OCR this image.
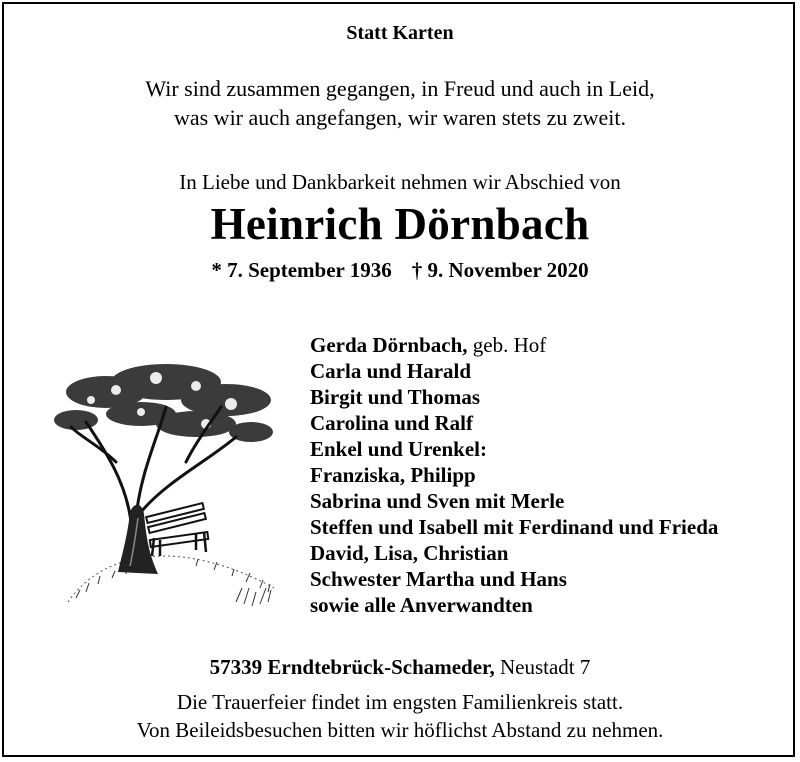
Statt Karten
Wir sind zusammen gegangen, in Freud und auch in Leid,
was wir auch angefangen, wir waren stets zu zweit.
In Liebe und Dankbarkeit nehmen wir Abschied von
Heinrich Dörnbach
* 7. September 1936 † 9. November 2020
Gerda Dörnbach, geb. Hof
Carla und Harald
Birgit und Thomas
Carolina und Ralf
Enkel und Urenkel:
Franziska, Philipp
Sabrina und Sven mit Merle
Steffen und Isabell mit Ferdinand und Frieda
David, Lisa, Christian
Schwester Martha und Hans
sowie alle Anverwandten
57339 Erndtebrück-Schameder, Neustadt 7
Die Trauerfeier findet im engsten Familienkreis statt.
Von Beileidsbesuchen bitten wir höflichst Abstand zu nehmen.
